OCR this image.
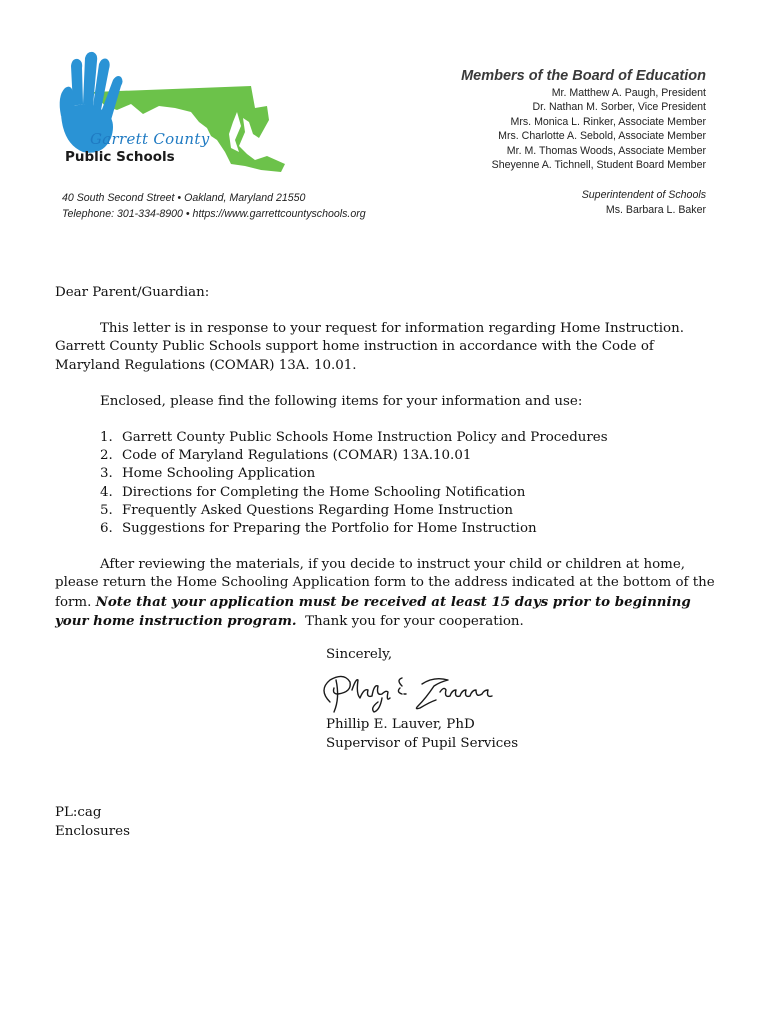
Garrett County
Public Schools
40 South Second Street • Oakland, Maryland 21550
Telephone: 301-334-8900 • https://www.garrettcountyschools.org
Members of the Board of Education
Mr. Matthew A. Paugh, President
Dr. Nathan M. Sorber, Vice President
Mrs. Monica L. Rinker, Associate Member
Mrs. Charlotte A. Sebold, Associate Member
Mr. M. Thomas Woods, Associate Member
Sheyenne A. Tichnell, Student Board Member
Superintendent of Schools
Ms. Barbara L. Baker

Dear Parent/Guardian:

This letter is in response to your request for information regarding Home Instruction. Garrett County Public Schools support home instruction in accordance with the Code of Maryland Regulations (COMAR) 13A. 10.01.

Enclosed, please find the following items for your information and use:

1. Garrett County Public Schools Home Instruction Policy and Procedures
2. Code of Maryland Regulations (COMAR) 13A.10.01
3. Home Schooling Application
4. Directions for Completing the Home Schooling Notification
5. Frequently Asked Questions Regarding Home Instruction
6. Suggestions for Preparing the Portfolio for Home Instruction

After reviewing the materials, if you decide to instruct your child or children at home, please return the Home Schooling Application form to the address indicated at the bottom of the form. Note that your application must be received at least 15 days prior to beginning your home instruction program. Thank you for your cooperation.

Sincerely,
Phillip E. Lauver, PhD
Supervisor of Pupil Services
PL:cag
Enclosures
